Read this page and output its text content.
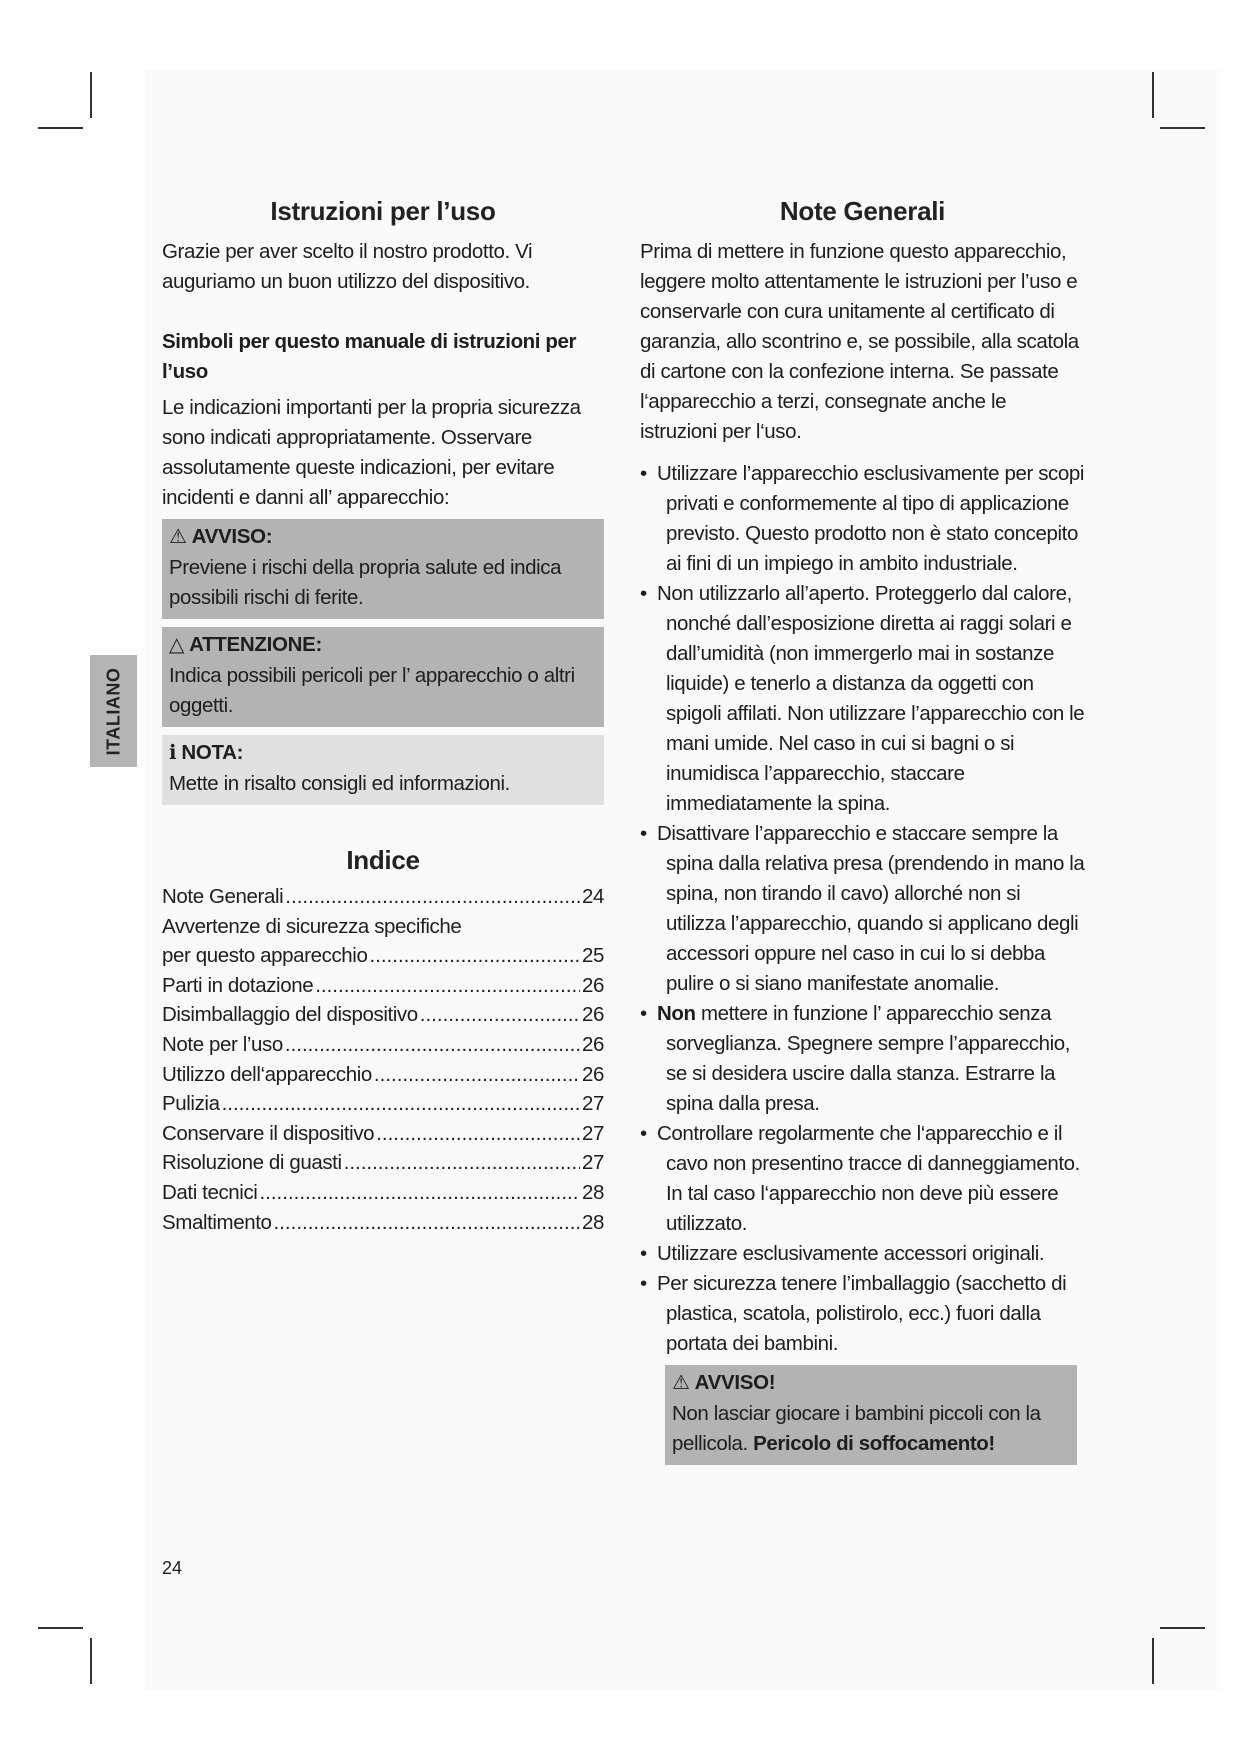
ITALIANO
Istruzioni per l’uso

Grazie per aver scelto il nostro prodotto. Vi auguriamo un buon utilizzo del dispositivo.

Simboli per questo manuale di istruzioni per l’uso

Le indicazioni importanti per la propria sicurezza sono indicati appropriatamente. Osservare assolutamente queste indicazioni, per evitare incidenti e danni all’ apparecchio:

⚠ AVVISO:

Previene i rischi della propria salute ed indica possibili rischi di ferite.

△ ATTENZIONE:

Indica possibili pericoli per l’ apparecchio o altri oggetti.

ℹ NOTA:

Mette in risalto consigli ed informazioni.

Indice
Note Generali .....	24
Avvertenze di sicurezza specifiche
per questo apparecchio .....	25
Parti in dotazione .....	26
Disimballaggio del dispositivo .....	26
Note per l’uso .....	26
Utilizzo dell‘apparecchio .....	26
Pulizia .....	27
Conservare il dispositivo .....	27
Risoluzione di guasti .....	27
Dati tecnici .....	28
Smaltimento .....	28
Note Generali

Prima di mettere in funzione questo apparecchio, leggere molto attentamente le istruzioni per l’uso e conservarle con cura unitamente al certificato di garanzia, allo scontrino e, se possibile, alla scatola di cartone con la confezione interna. Se passate l‘apparecchio a terzi, consegnate anche le istruzioni per l‘uso.

• Utilizzare l’apparecchio esclusivamente per scopi privati e conformemente al tipo di applicazione previsto. Questo prodotto non è stato concepito ai fini di un impiego in ambito industriale.
• Non utilizzarlo all’aperto. Proteggerlo dal calore, nonché dall’esposizione diretta ai raggi solari e dall’umidità (non immergerlo mai in sostanze liquide) e tenerlo a distanza da oggetti con spigoli affilati. Non utilizzare l’apparecchio con le mani umide. Nel caso in cui si bagni o si inumidisca l’apparecchio, staccare immediatamente la spina.
• Disattivare l’apparecchio e staccare sempre la spina dalla relativa presa (prendendo in mano la spina, non tirando il cavo) allorché non si utilizza l’apparecchio, quando si applicano degli accessori oppure nel caso in cui lo si debba pulire o si siano manifestate anomalie.
• Non mettere in funzione l’ apparecchio senza sorveglianza. Spegnere sempre l’apparecchio, se si desidera uscire dalla stanza. Estrarre la spina dalla presa.
• Controllare regolarmente che l‘apparecchio e il cavo non presentino tracce di danneggiamento. In tal caso l‘apparecchio non deve più essere utilizzato.
• Utilizzare esclusivamente accessori originali.
• Per sicurezza tenere l’imballaggio (sacchetto di plastica, scatola, polistirolo, ecc.) fuori dalla portata dei bambini.
⚠ AVVISO!

Non lasciar giocare i bambini piccoli con la pellicola. Pericolo di soffocamento!

24
